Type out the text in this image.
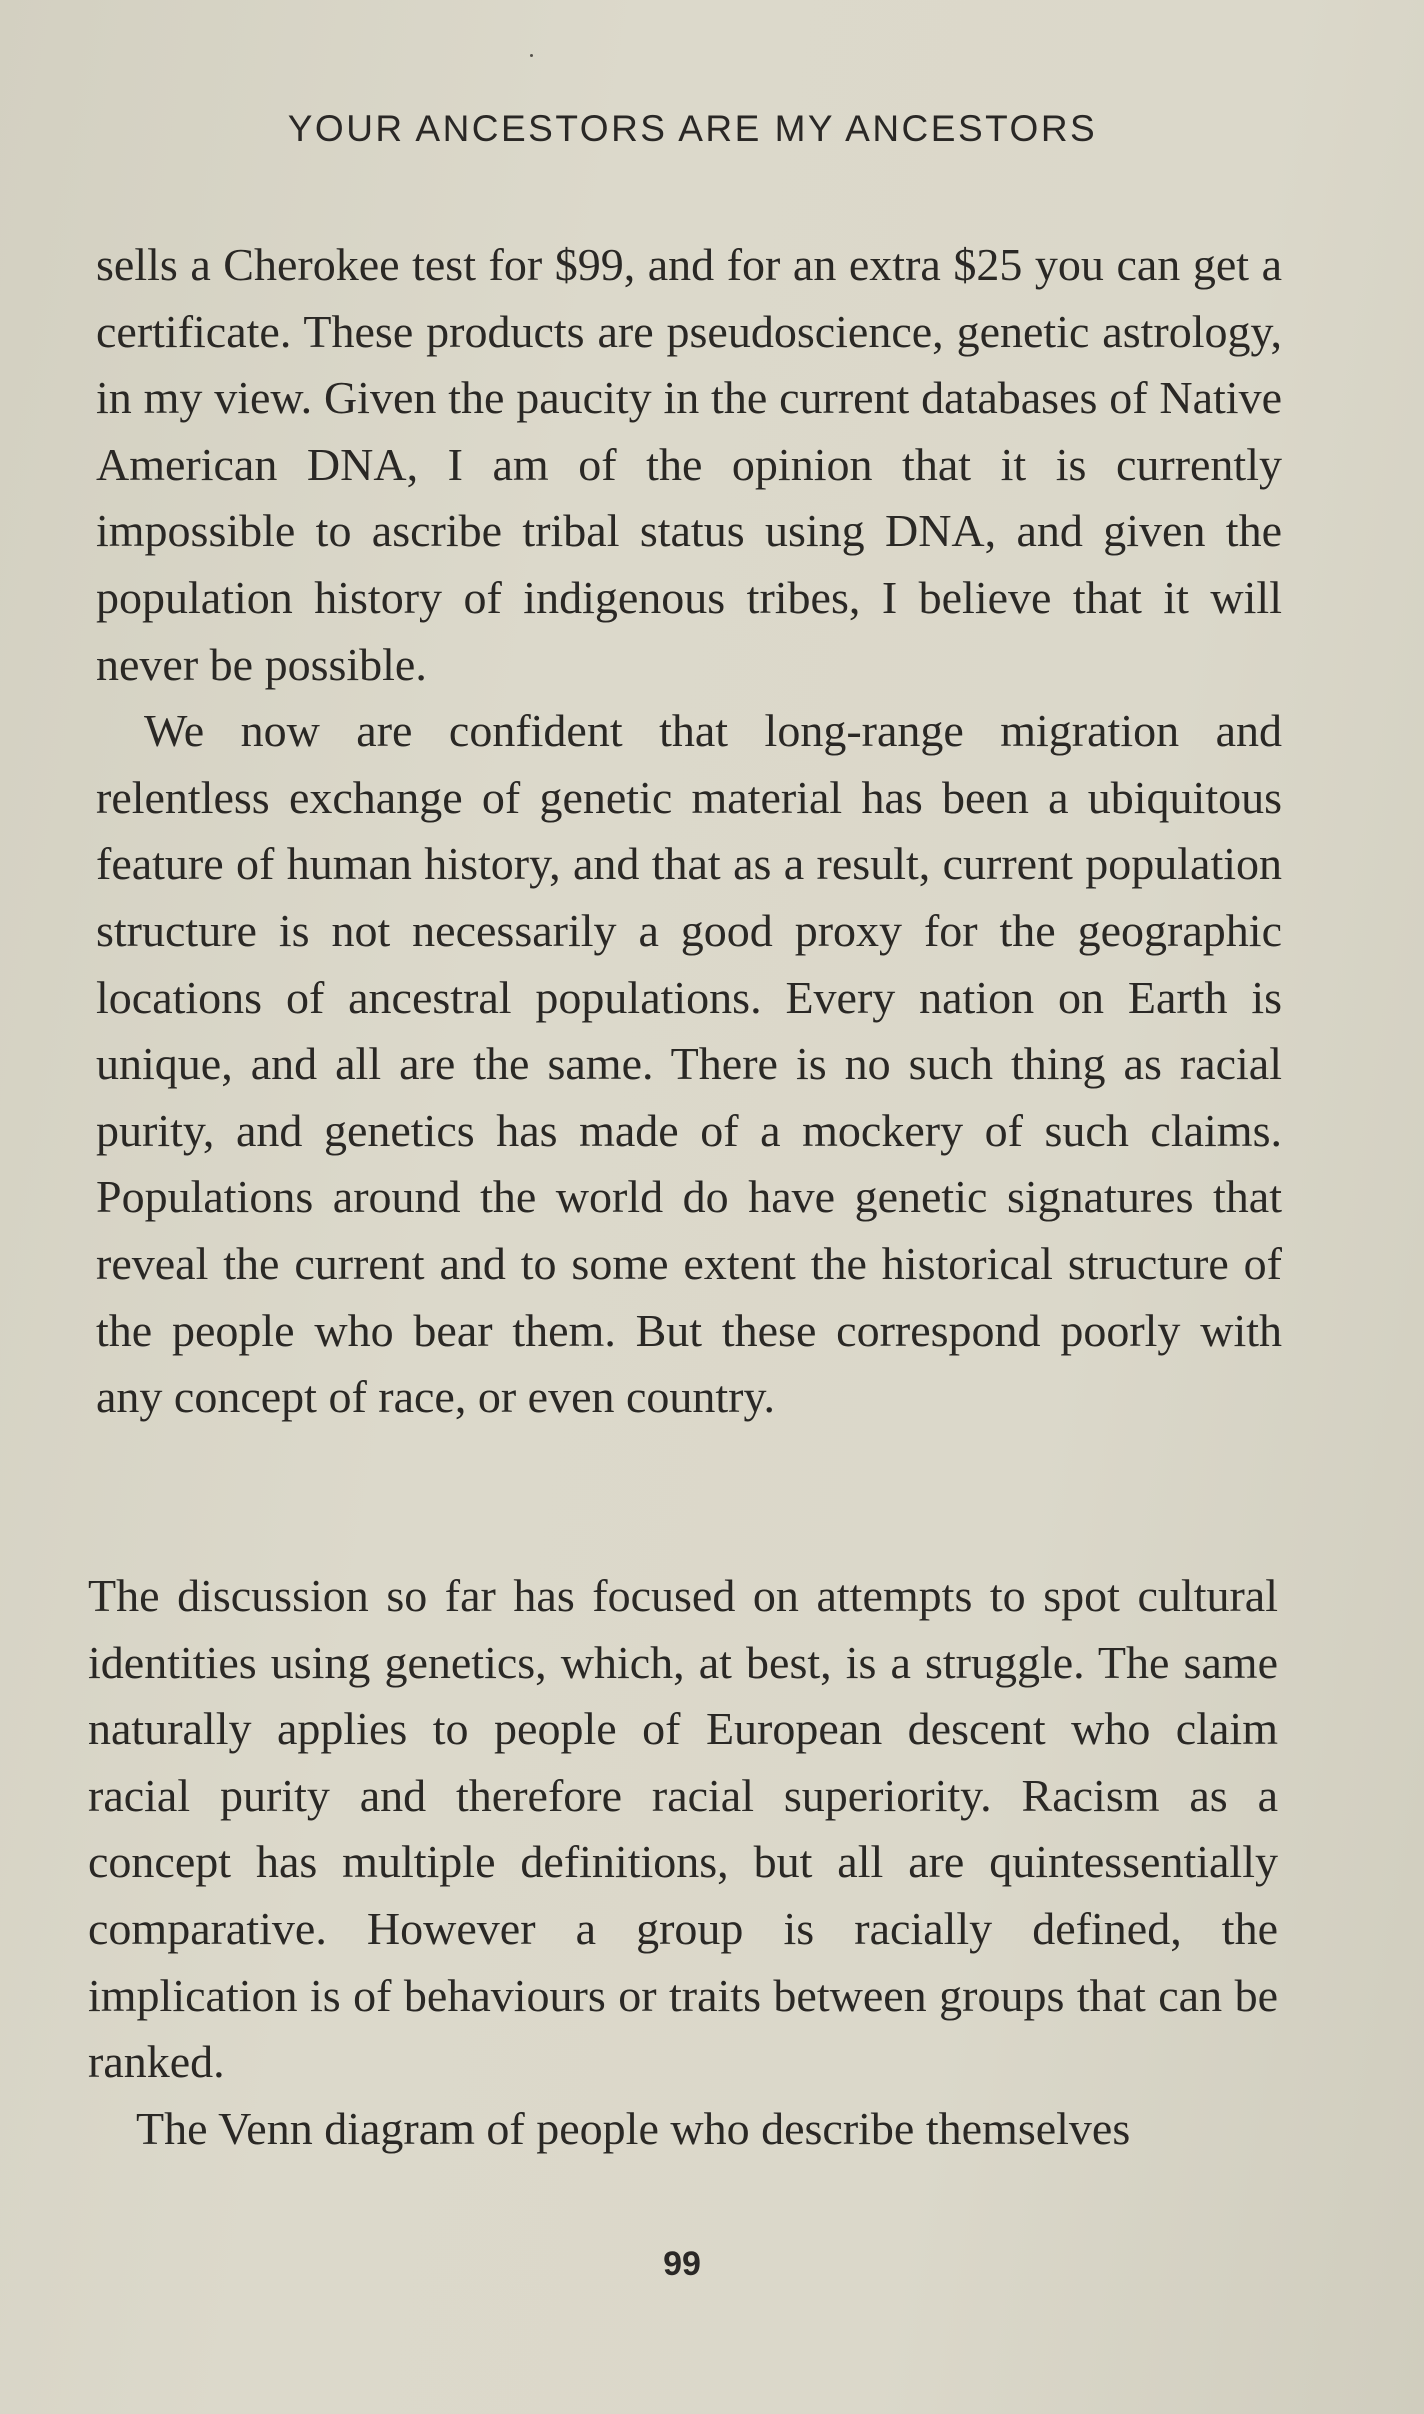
YOUR ANCESTORS ARE MY ANCESTORS

sells a Cherokee test for $99, and for an extra $25 you can get a certificate. These products are pseudoscience, genetic astrology, in my view. Given the paucity in the current databases of Native American DNA, I am of the opinion that it is currently impossible to ascribe tribal status using DNA, and given the population history of indigenous tribes, I believe that it will never be possible.

We now are confident that long-range migration and relentless exchange of genetic material has been a ubiquitous feature of human history, and that as a result, current population structure is not necessarily a good proxy for the geographic locations of ancestral populations. Every nation on Earth is unique, and all are the same. There is no such thing as racial purity, and genetics has made of a mockery of such claims. Populations around the world do have genetic signatures that reveal the current and to some extent the historical structure of the people who bear them. But these correspond poorly with any concept of race, or even country.

The discussion so far has focused on attempts to spot cultural identities using genetics, which, at best, is a struggle. The same naturally applies to people of European descent who claim racial purity and therefore racial superiority. Racism as a concept has multiple definitions, but all are quintessentially comparative. However a group is racially defined, the implication is of behaviours or traits between groups that can be ranked.

The Venn diagram of people who describe themselves

99
